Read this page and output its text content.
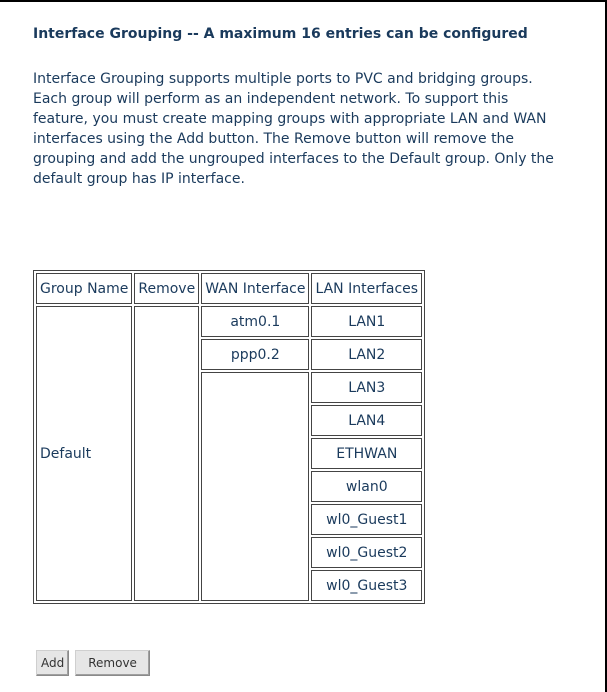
Interface Grouping -- A maximum 16 entries can be configured

Interface Grouping supports multiple ports to PVC and bridging groups. Each group will perform as an independent network. To support this feature, you must create mapping groups with appropriate LAN and WAN interfaces using the Add button. The Remove button will remove the grouping and add the ungrouped interfaces to the Default group. Only the default group has IP interface.

Group Name	Remove	WAN Interface	LAN Interfaces
Default		atm0.1	LAN1
		ppp0.2	LAN2
			LAN3
			LAN4
			ETHWAN
			wlan0
			wl0_Guest1
			wl0_Guest2
			wl0_Guest3
Add Remove
